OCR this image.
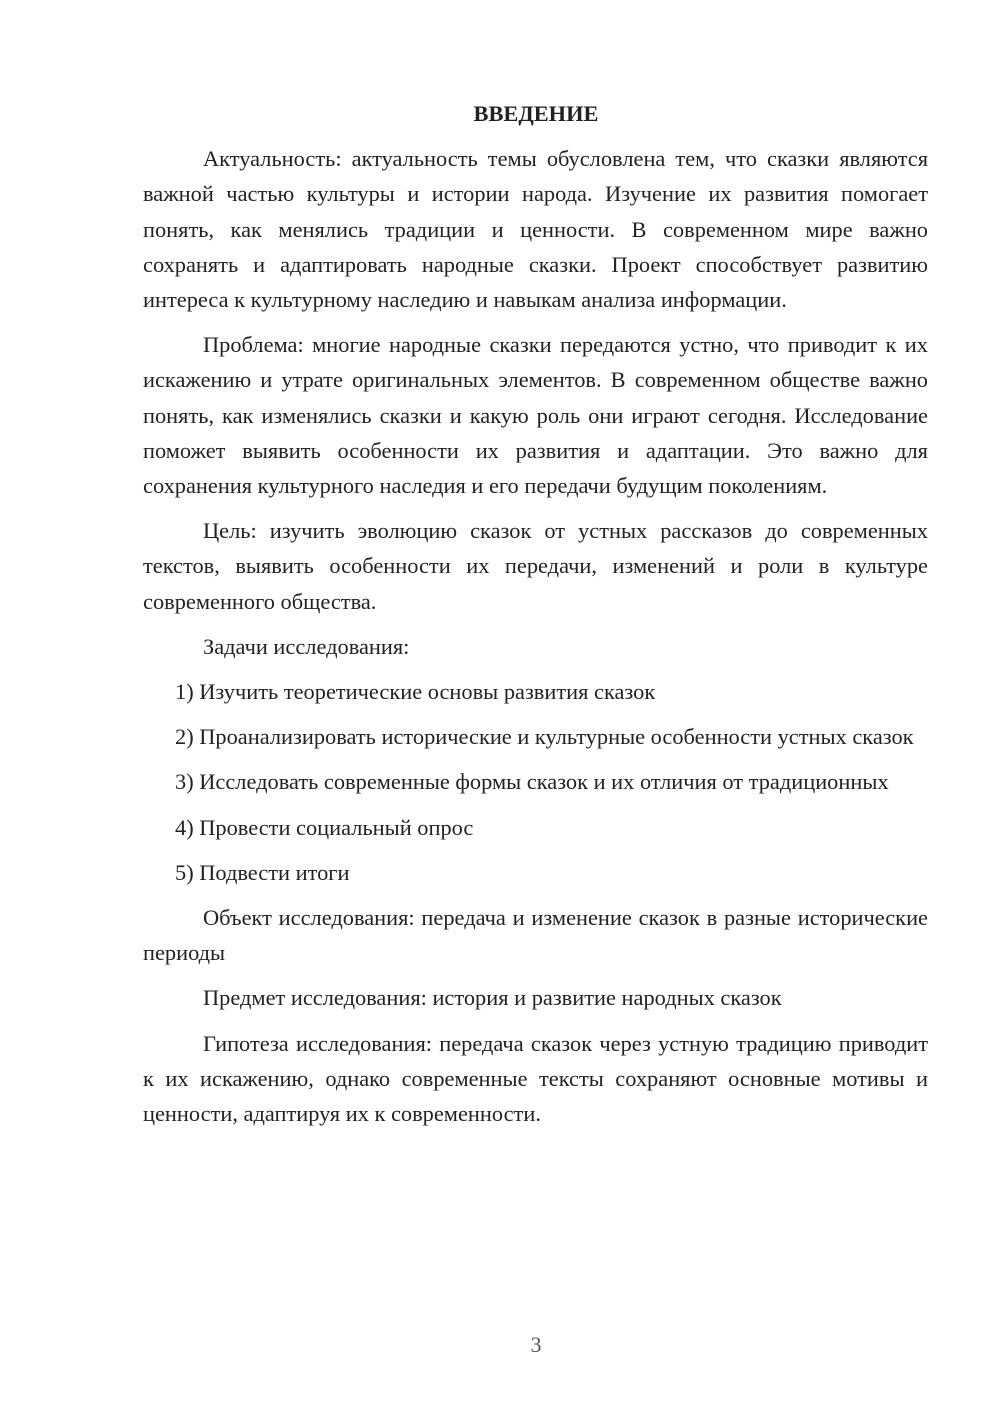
ВВЕДЕНИЕ

Актуальность: актуальность темы обусловлена тем, что сказки являются важной частью культуры и истории народа. Изучение их развития помогает понять, как менялись традиции и ценности. В современном мире важно сохранять и адаптировать народные сказки. Проект способствует развитию интереса к культурному наследию и навыкам анализа информации.

Проблема: многие народные сказки передаются устно, что приводит к их искажению и утрате оригинальных элементов. В современном обществе важно понять, как изменялись сказки и какую роль они играют сегодня. Исследование поможет выявить особенности их развития и адаптации. Это важно для сохранения культурного наследия и его передачи будущим поколениям.

Цель: изучить эволюцию сказок от устных рассказов до современных текстов, выявить особенности их передачи, изменений и роли в культуре современного общества.

Задачи исследования:

1) Изучить теоретические основы развития сказок

2) Проанализировать исторические и культурные особенности устных сказок

3) Исследовать современные формы сказок и их отличия от традиционных

4) Провести социальный опрос

5) Подвести итоги

Объект исследования: передача и изменение сказок в разные исторические периоды

Предмет исследования: история и развитие народных сказок

Гипотеза исследования: передача сказок через устную традицию приводит к их искажению, однако современные тексты сохраняют основные мотивы и ценности, адаптируя их к современности.

3
